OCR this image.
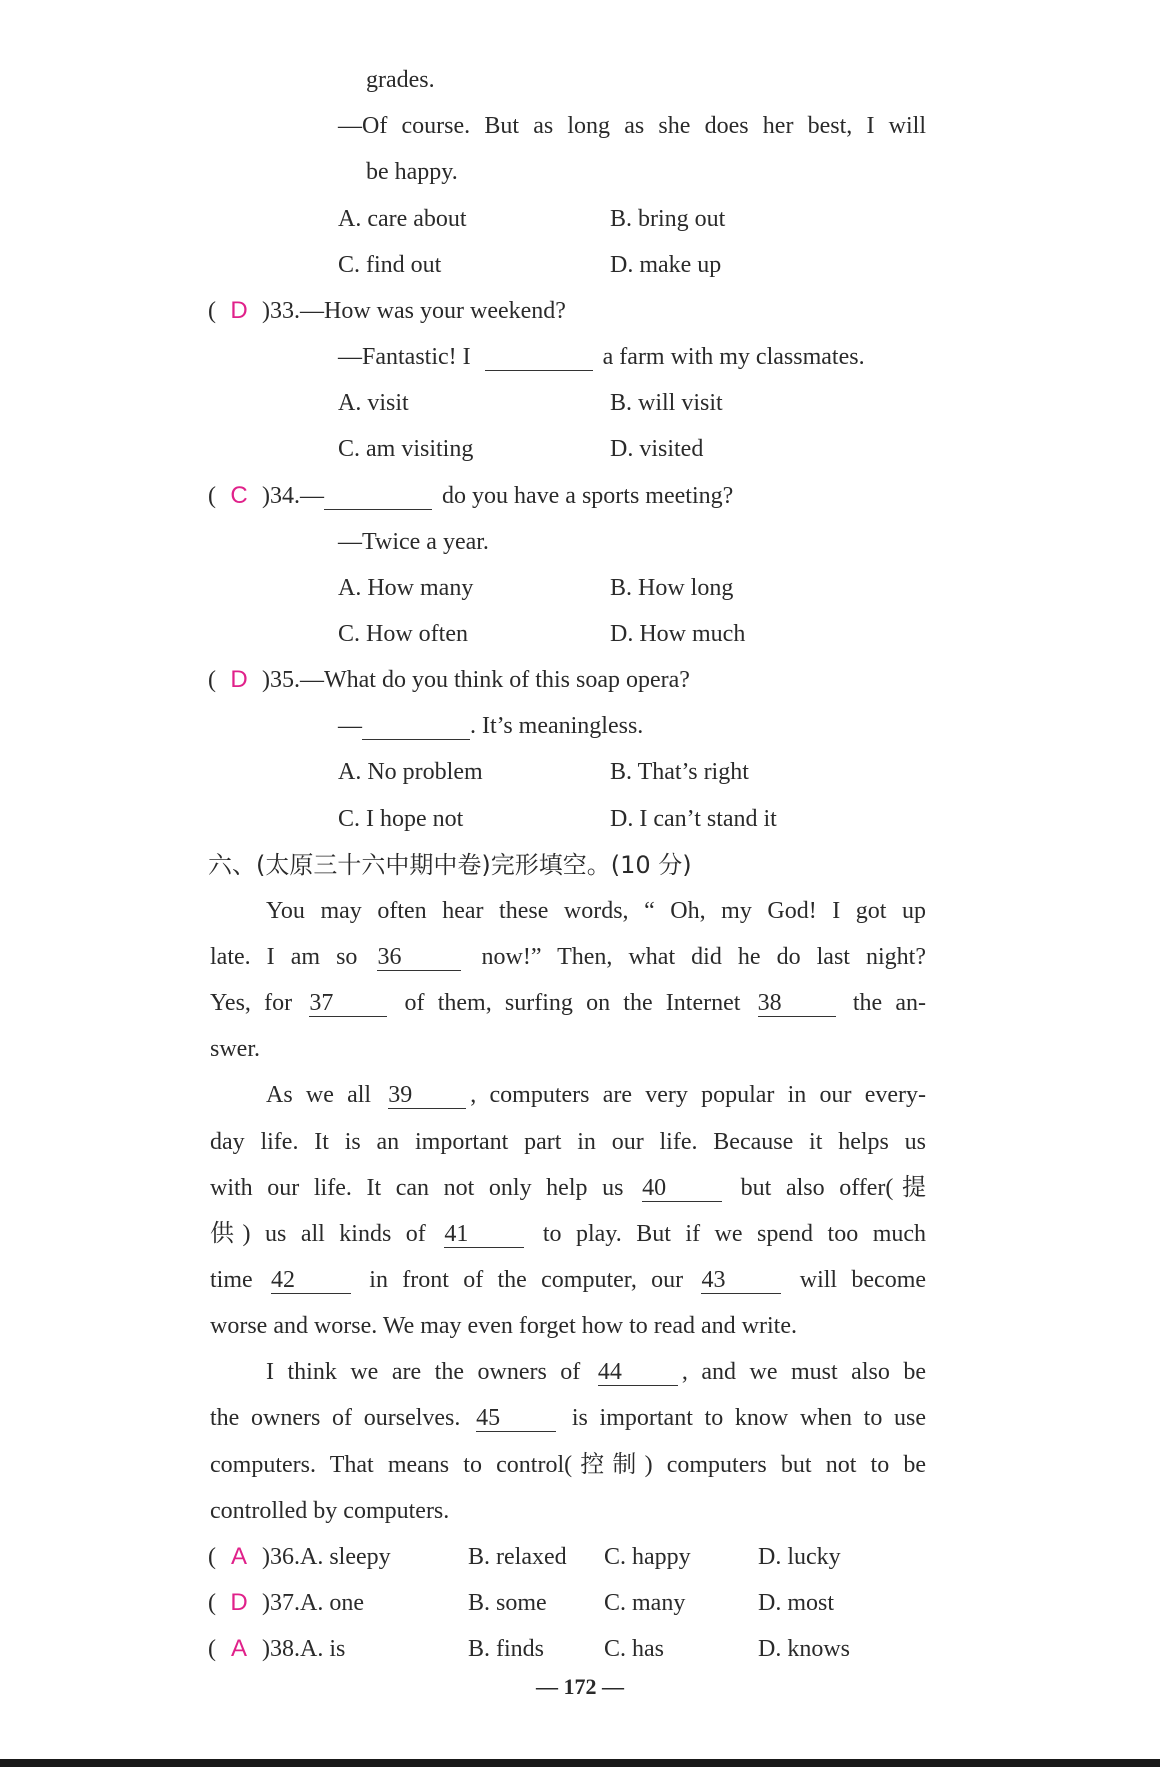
grades.
—Of course. But as long as she does her best, I will
be happy.
A. care about	B. bring out
C. find out	D. make up
( D )33.—How was your weekend?
—Fantastic! I	a farm with my classmates.
A. visit	B. will visit
C. am visiting	D. visited
( C )34.—	do you have a sports meeting?
—Twice a year.
A. How many	B. How long
C. How often	D. How much
( D )35.—What do you think of this soap opera?
—	. It’s meaningless.
A. No problem	B. That’s right
C. I hope not	D. I can’t stand it
六、(太原三十六中期中卷)完形填空。(10 分)
You may often hear these words, “ Oh, my God! I got up
late. I am so 36	now!” Then, what did he do last night?
Yes, for 37	of them, surfing on the Internet 38	the an-
swer.
As we all 39 , computers are very popular in our every-
day life. It is an important part in our life. Because it helps us
with our life. It can not only help us 40	but also offer(提
供) us all kinds of 41	to play. But if we spend too much
time 42	in front of the computer, our 43	will become
worse and worse. We may even forget how to read and write.
I think we are the owners of 44	, and we must also be
the owners of ourselves. 45	is important to know when to use
computers. That means to control(控制) computers but not to be
controlled by computers.
( A )36.A. sleepy	B. relaxed C. happy	D. lucky
( D )37.A. one	B. some C. many	D. most
( A )38.A. is	B. finds C. has	D. knows
— 172 —
